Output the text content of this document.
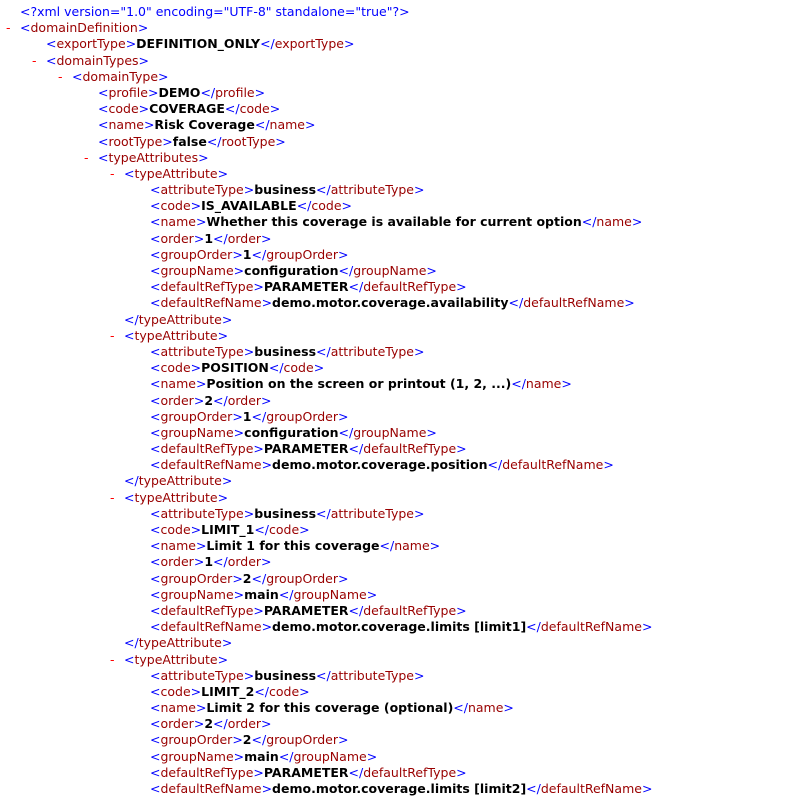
<?xml version="1.0" encoding="UTF-8" standalone="true"?>
- <domainDefinition>
<exportType>DEFINITION_ONLY</exportType>
- <domainTypes>
- <domainType>
<profile>DEMO</profile>
<code>COVERAGE</code>
<name>Risk Coverage</name>
<rootType>false</rootType>
- <typeAttributes>
- <typeAttribute>
<attributeType>business</attributeType>
<code>IS_AVAILABLE</code>
<name>Whether this coverage is available for current option</name>
<order>1</order>
<groupOrder>1</groupOrder>
<groupName>configuration</groupName>
<defaultRefType>PARAMETER</defaultRefType>
<defaultRefName>demo.motor.coverage.availability</defaultRefName>
</typeAttribute>
- <typeAttribute>
<attributeType>business</attributeType>
<code>POSITION</code>
<name>Position on the screen or printout (1, 2, ...)</name>
<order>2</order>
<groupOrder>1</groupOrder>
<groupName>configuration</groupName>
<defaultRefType>PARAMETER</defaultRefType>
<defaultRefName>demo.motor.coverage.position</defaultRefName>
</typeAttribute>
- <typeAttribute>
<attributeType>business</attributeType>
<code>LIMIT_1</code>
<name>Limit 1 for this coverage</name>
<order>1</order>
<groupOrder>2</groupOrder>
<groupName>main</groupName>
<defaultRefType>PARAMETER</defaultRefType>
<defaultRefName>demo.motor.coverage.limits [limit1]</defaultRefName>
</typeAttribute>
- <typeAttribute>
<attributeType>business</attributeType>
<code>LIMIT_2</code>
<name>Limit 2 for this coverage (optional)</name>
<order>2</order>
<groupOrder>2</groupOrder>
<groupName>main</groupName>
<defaultRefType>PARAMETER</defaultRefType>
<defaultRefName>demo.motor.coverage.limits [limit2]</defaultRefName>
